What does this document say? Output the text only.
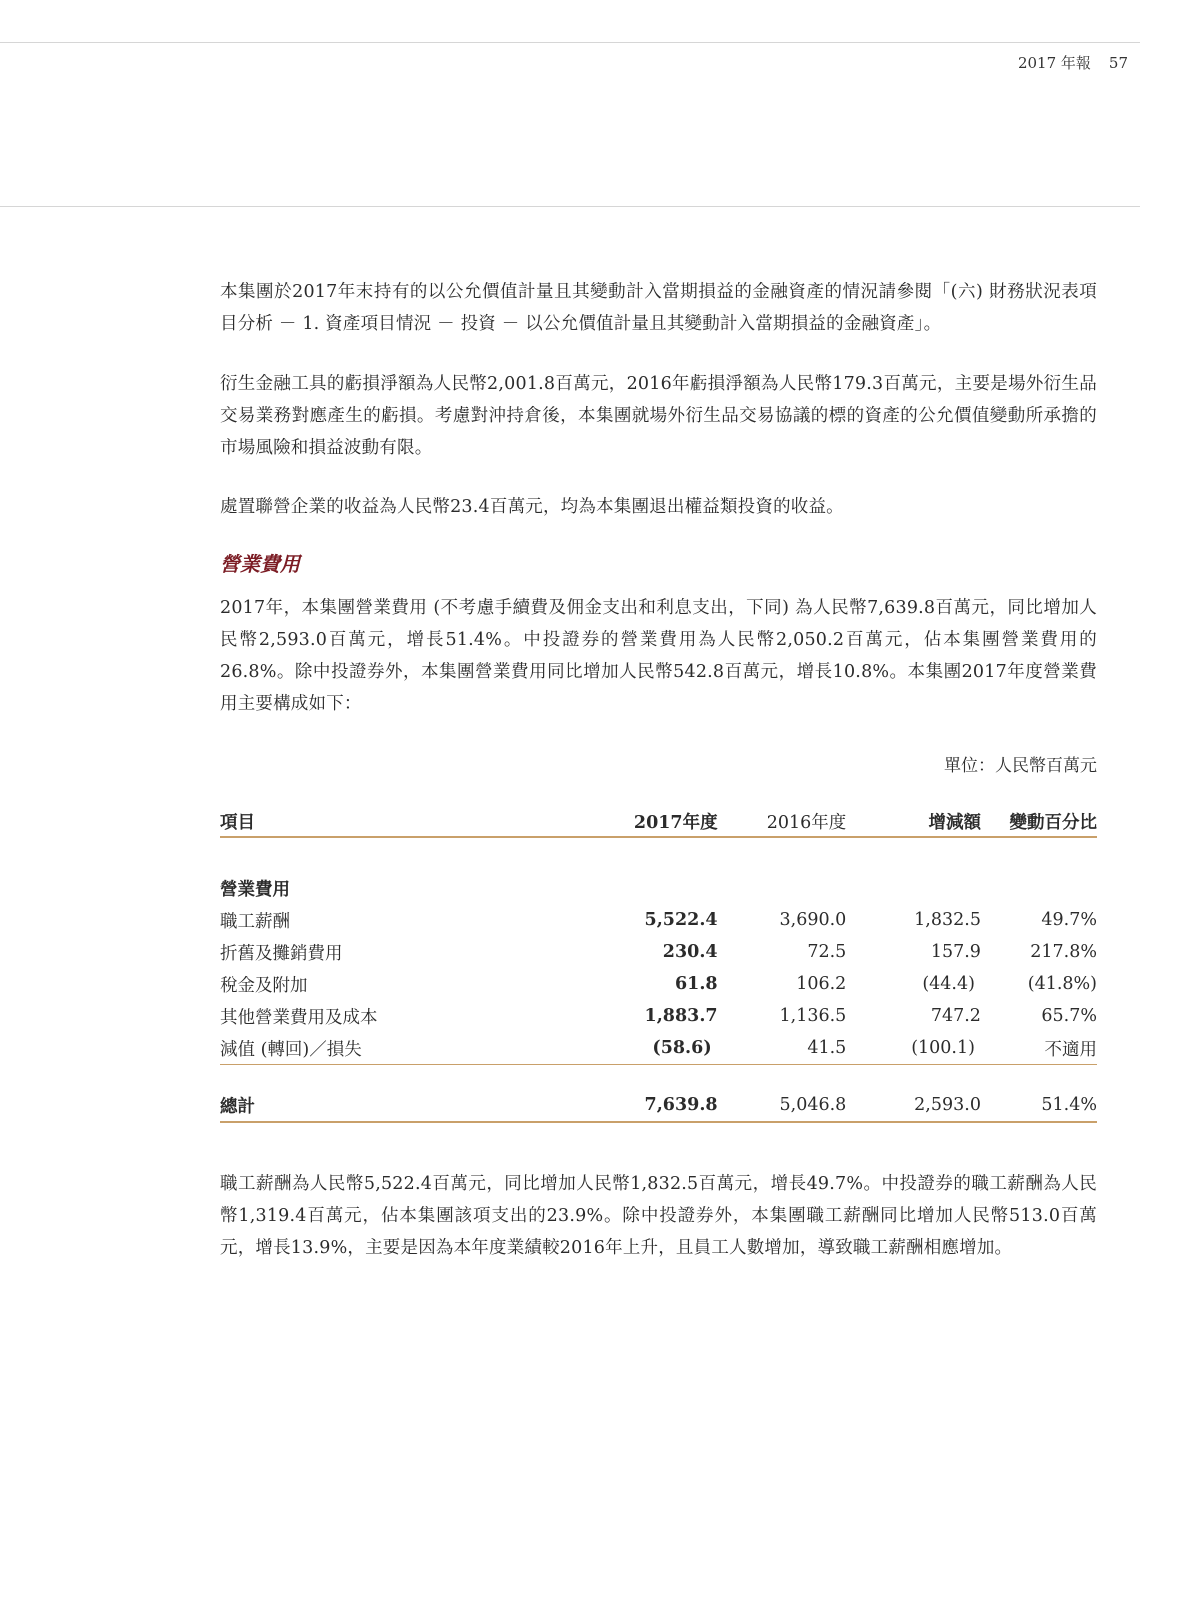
2017 年報 57

本集團於2017年末持有的以公允價值計量且其變動計入當期損益的金融資產的情況請參閱「(六) 財務狀況表項目分析 － 1. 資產項目情況 － 投資 － 以公允價值計量且其變動計入當期損益的金融資產」。

衍生金融工具的虧損淨額為人民幣2,001.8百萬元，2016年虧損淨額為人民幣179.3百萬元，主要是場外衍生品交易業務對應產生的虧損。考慮對沖持倉後，本集團就場外衍生品交易協議的標的資產的公允價值變動所承擔的市場風險和損益波動有限。

處置聯營企業的收益為人民幣23.4百萬元，均為本集團退出權益類投資的收益。

營業費用

2017年，本集團營業費用 (不考慮手續費及佣金支出和利息支出，下同) 為人民幣7,639.8百萬元，同比增加人民幣2,593.0百萬元，增長51.4%。中投證券的營業費用為人民幣2,050.2百萬元，佔本集團營業費用的26.8%。除中投證券外，本集團營業費用同比增加人民幣542.8百萬元，增長10.8%。本集團2017年度營業費用主要構成如下：

單位：人民幣百萬元
項目	2017年度	2016年度	增減額	變動百分比

營業費用				
職工薪酬	5,522.4	3,690.0	1,832.5	49.7%
折舊及攤銷費用	230.4	72.5	157.9	217.8%
稅金及附加	61.8	106.2	(44.4)	(41.8%)
其他營業費用及成本	1,883.7	1,136.5	747.2	65.7%
減值 (轉回)／損失	(58.6)	41.5	(100.1)	不適用

總計	7,639.8	5,046.8	2,593.0	51.4%

職工薪酬為人民幣5,522.4百萬元，同比增加人民幣1,832.5百萬元，增長49.7%。中投證券的職工薪酬為人民幣1,319.4百萬元，佔本集團該項支出的23.9%。除中投證券外，本集團職工薪酬同比增加人民幣513.0百萬元，增長13.9%，主要是因為本年度業績較2016年上升，且員工人數增加，導致職工薪酬相應增加。
